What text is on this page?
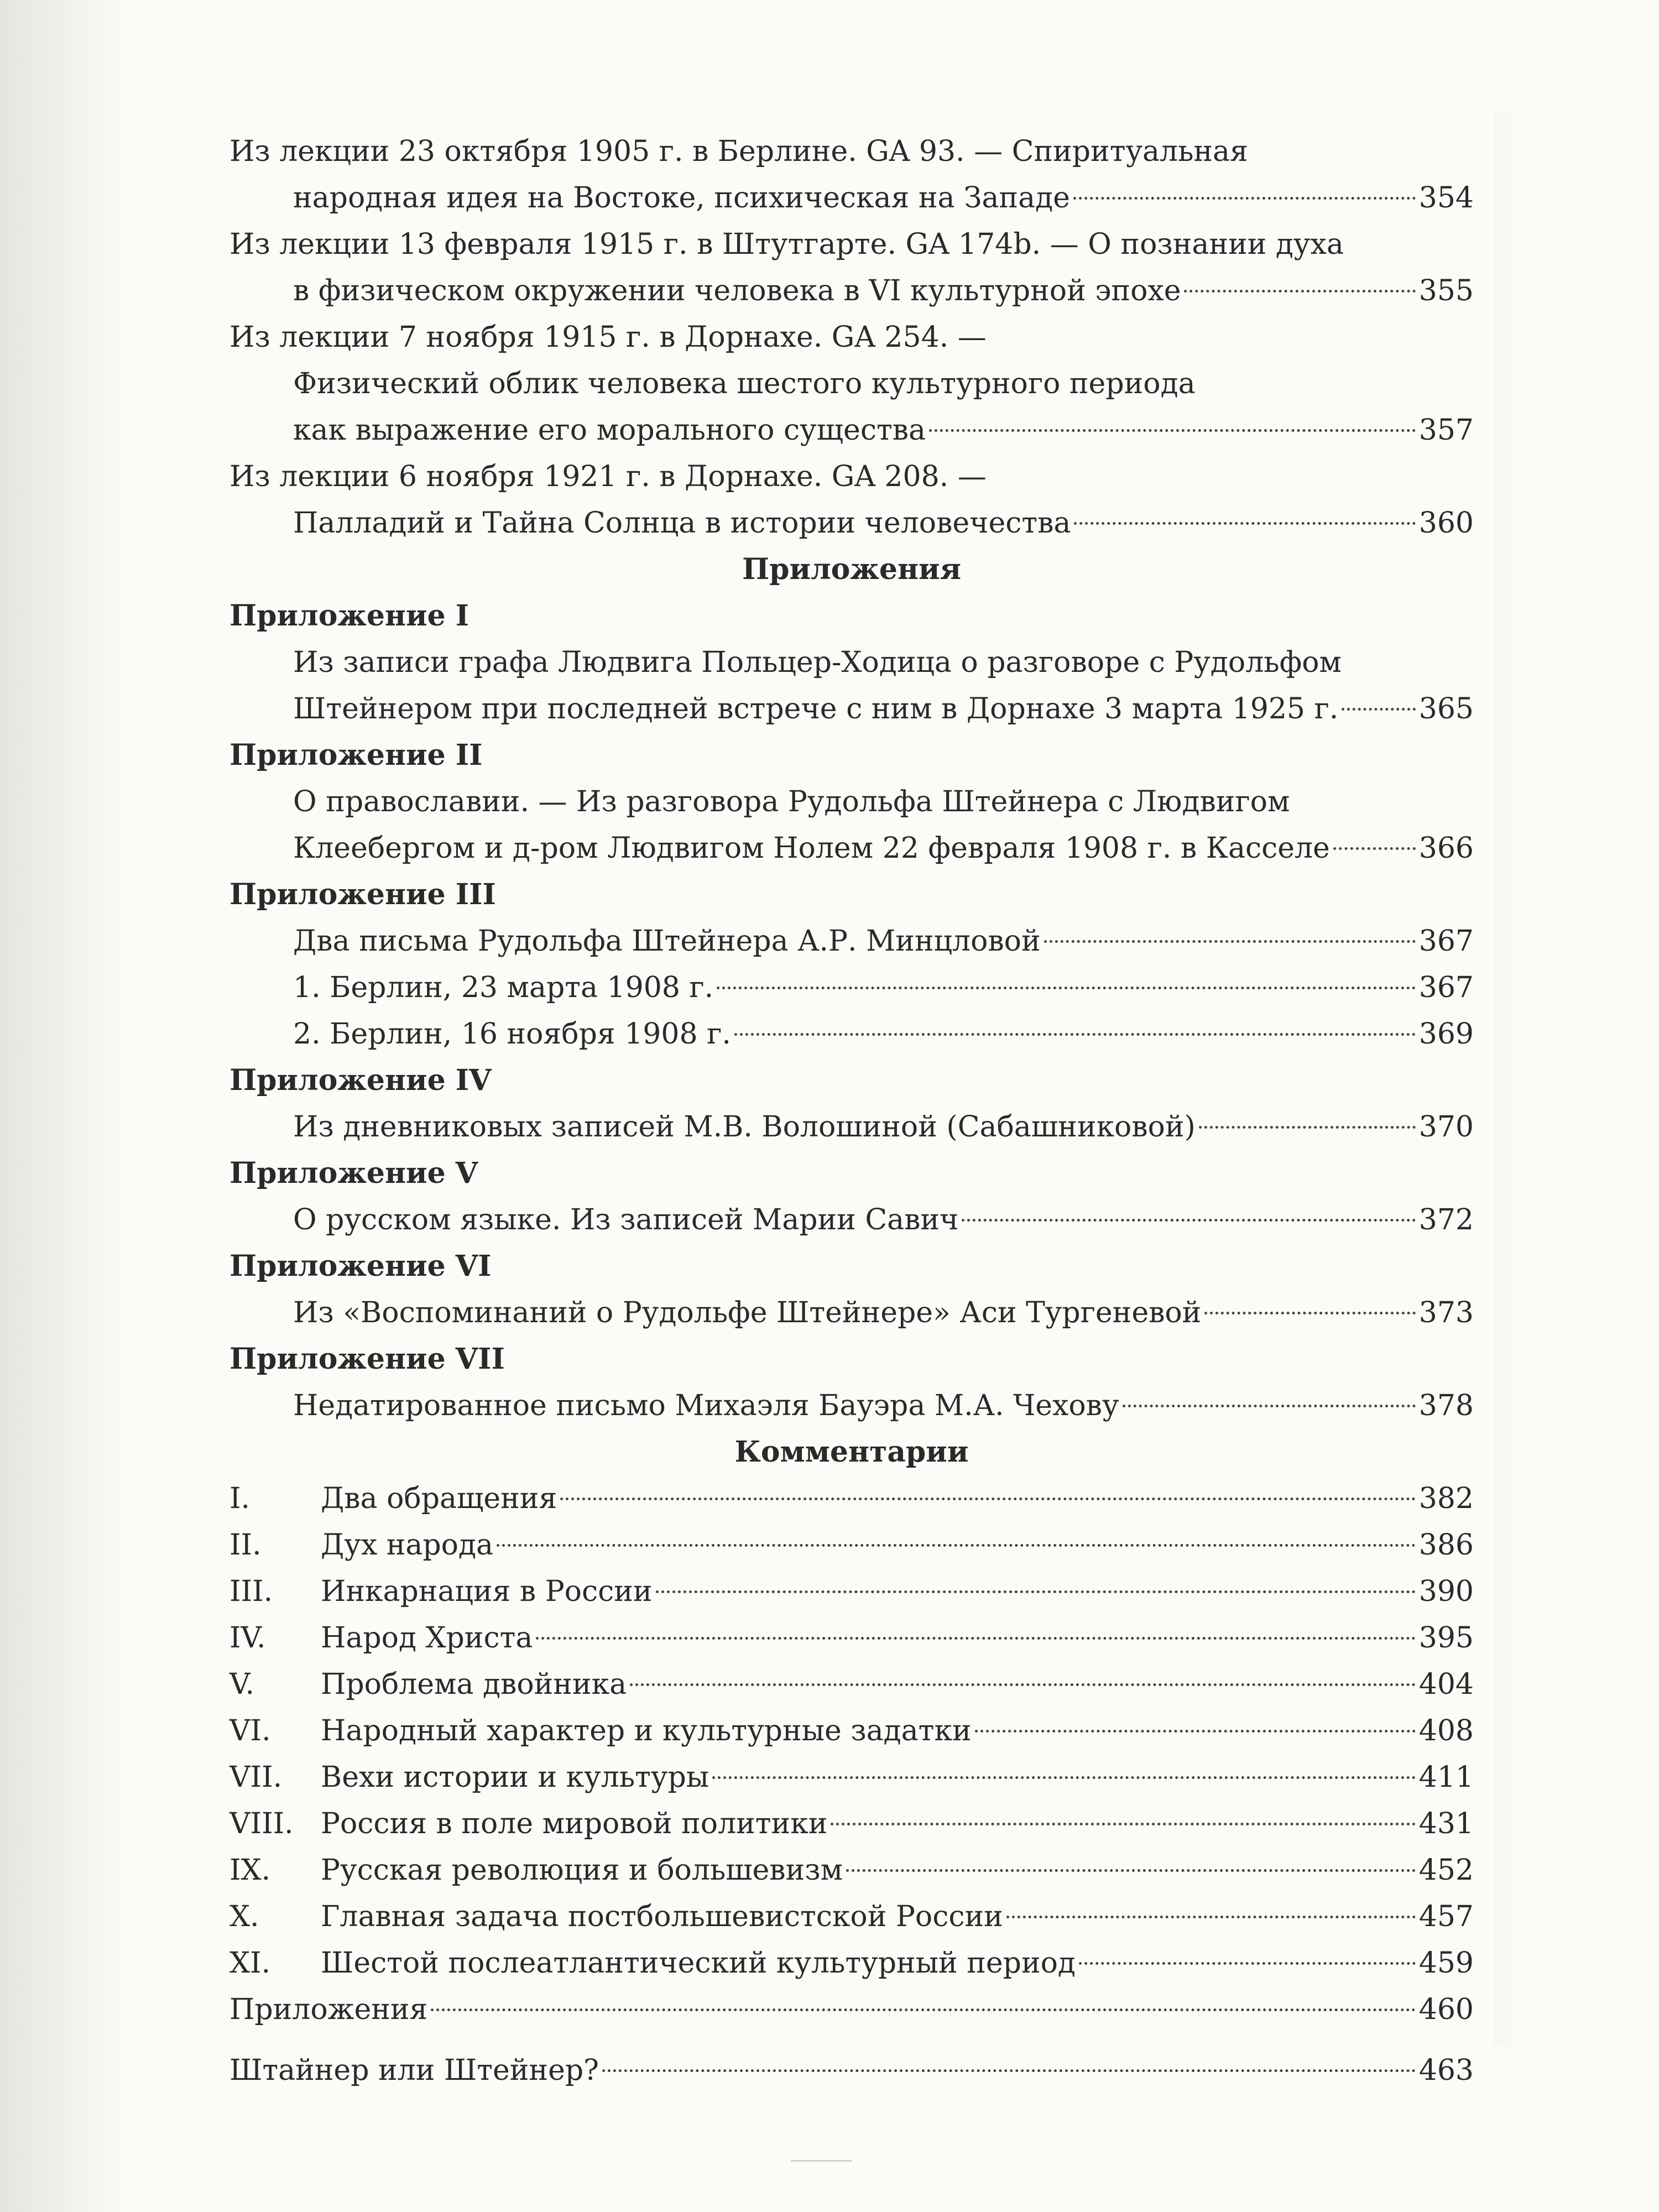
Из лекции 23 октября 1905 г. в Берлине. GA 93. — Спиритуальная
народная идея на Востоке, психическая на Западе	354
Из лекции 13 февраля 1915 г. в Штутгарте. GA 174b. — О познании духа
в физическом окружении человека в VI культурной эпохе	355
Из лекции 7 ноября 1915 г. в Дорнахе. GA 254. —
Физический облик человека шестого культурного периода
как выражение его морального существа	357
Из лекции 6 ноября 1921 г. в Дорнахе. GA 208. —
Палладий и Тайна Солнца в истории человечества	360
Приложения
Приложение I
Из записи графа Людвига Польцер-Ходица о разговоре с Рудольфом
Штейнером при последней встрече с ним в Дорнахе 3 марта 1925 г.	365
Приложение II
О православии. — Из разговора Рудольфа Штейнера с Людвигом
Клеебергом и д-ром Людвигом Нолем 22 февраля 1908 г. в Касселе	366
Приложение III
Два письма Рудольфа Штейнера А.Р. Минцловой	367
1. Берлин, 23 марта 1908 г.	367
2. Берлин, 16 ноября 1908 г.	369
Приложение IV
Из дневниковых записей М.В. Волошиной (Сабашниковой)	370
Приложение V
О русском языке. Из записей Марии Савич	372
Приложение VI
Из «Воспоминаний о Рудольфе Штейнере» Аси Тургеневой	373
Приложение VII
Недатированное письмо Михаэля Бауэра М.А. Чехову	378
Комментарии
I.	Два обращения	382
II.	Дух народа	386
III.	Инкарнация в России	390
IV.	Народ Христа	395
V.	Проблема двойника	404
VI.	Народный характер и культурные задатки	408
VII.	Вехи истории и культуры	411
VIII. Россия в поле мировой политики	431
IX.	Русская революция и большевизм	452
X.	Главная задача постбольшевистской России	457
XI.	Шестой послеатлантический культурный период	459
Приложения	460
Штайнер или Штейнер?	463
